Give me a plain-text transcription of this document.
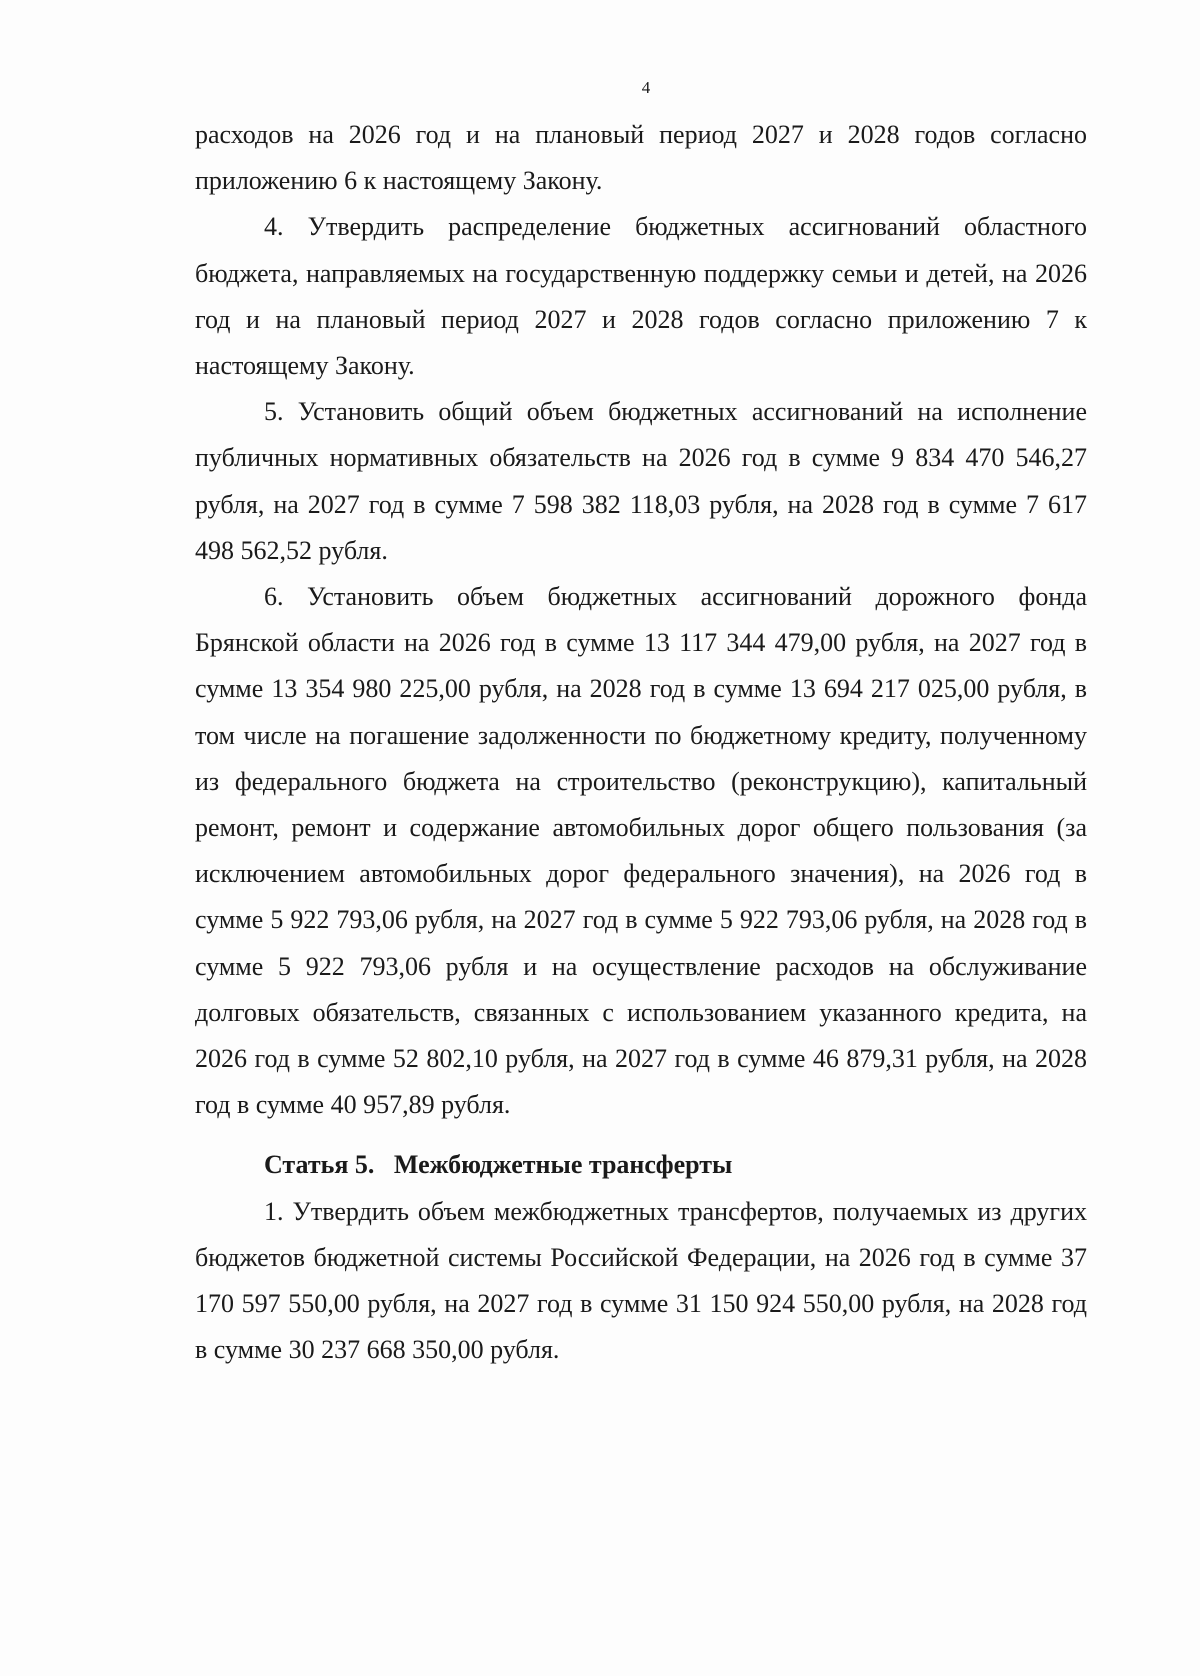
4

расходов на 2026 год и на плановый период 2027 и 2028 годов согласно приложению 6 к настоящему Закону.

4. Утвердить распределение бюджетных ассигнований областного бюджета, направляемых на государственную поддержку семьи и детей, на 2026 год и на плановый период 2027 и 2028 годов согласно приложению 7 к настоящему Закону.

5. Установить общий объем бюджетных ассигнований на исполнение публичных нормативных обязательств на 2026 год в сумме 9 834 470 546,27 рубля, на 2027 год в сумме 7 598 382 118,03 рубля, на 2028 год в сумме 7 617 498 562,52 рубля.

6. Установить объем бюджетных ассигнований дорожного фонда Брянской области на 2026 год в сумме 13 117 344 479,00 рубля, на 2027 год в сумме 13 354 980 225,00 рубля, на 2028 год в сумме 13 694 217 025,00 рубля, в том числе на погашение задолженности по бюджетному кредиту, полученному из федерального бюджета на строительство (реконструкцию), капитальный ремонт, ремонт и содержание автомобильных дорог общего пользования (за исключением автомобильных дорог федерального значения), на 2026 год в сумме 5 922 793,06 рубля, на 2027 год в сумме 5 922 793,06 рубля, на 2028 год в сумме 5 922 793,06 рубля и на осуществление расходов на обслуживание долговых обязательств, связанных с использованием указанного кредита, на 2026 год в сумме 52 802,10 рубля, на 2027 год в сумме 46 879,31 рубля, на 2028 год в сумме 40 957,89 рубля.

Статья 5.   Межбюджетные трансферты

1. Утвердить объем межбюджетных трансфертов, получаемых из других бюджетов бюджетной системы Российской Федерации, на 2026 год в сумме 37 170 597 550,00 рубля, на 2027 год в сумме 31 150 924 550,00 рубля, на 2028 год в сумме 30 237 668 350,00 рубля.
